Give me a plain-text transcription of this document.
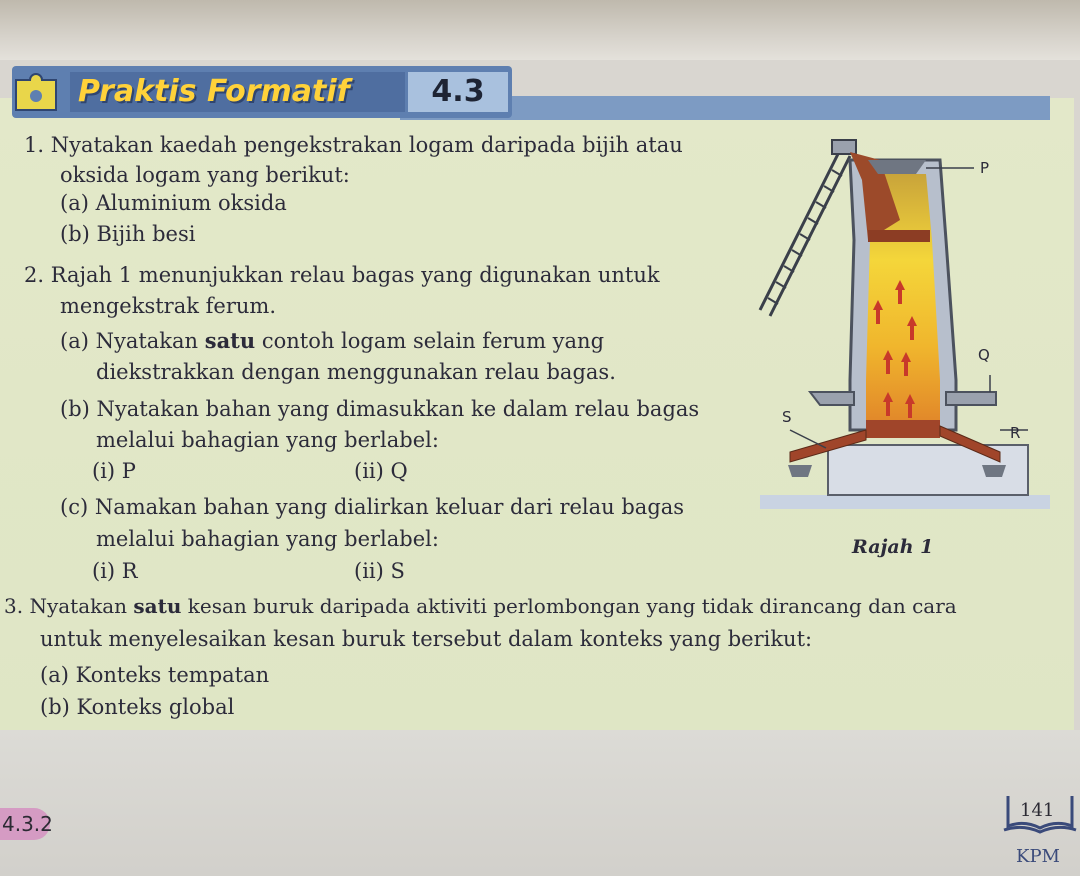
Praktis Formatif	4.3
1. Nyatakan kaedah pengekstrakan logam daripada bijih atau
oksida logam yang berikut:
(a) Aluminium oksida
(b) Bijih besi
2. Rajah 1 menunjukkan relau bagas yang digunakan untuk
mengekstrak ferum.
(a) Nyatakan satu contoh logam selain ferum yang
diekstrakkan dengan menggunakan relau bagas.
(b) Nyatakan bahan yang dimasukkan ke dalam relau bagas
melalui bahagian yang berlabel:
(i) P	(ii) Q
(c) Namakan bahan yang dialirkan keluar dari relau bagas
melalui bahagian yang berlabel:
(i) R	(ii) S
3. Nyatakan satu kesan buruk daripada aktiviti perlombongan yang tidak dirancang dan cara
untuk menyelesaikan kesan buruk tersebut dalam konteks yang berikut:
(a) Konteks tempatan
(b) Konteks global
P
Q
R
S
Rajah 1
4.3.2
141
KPM
